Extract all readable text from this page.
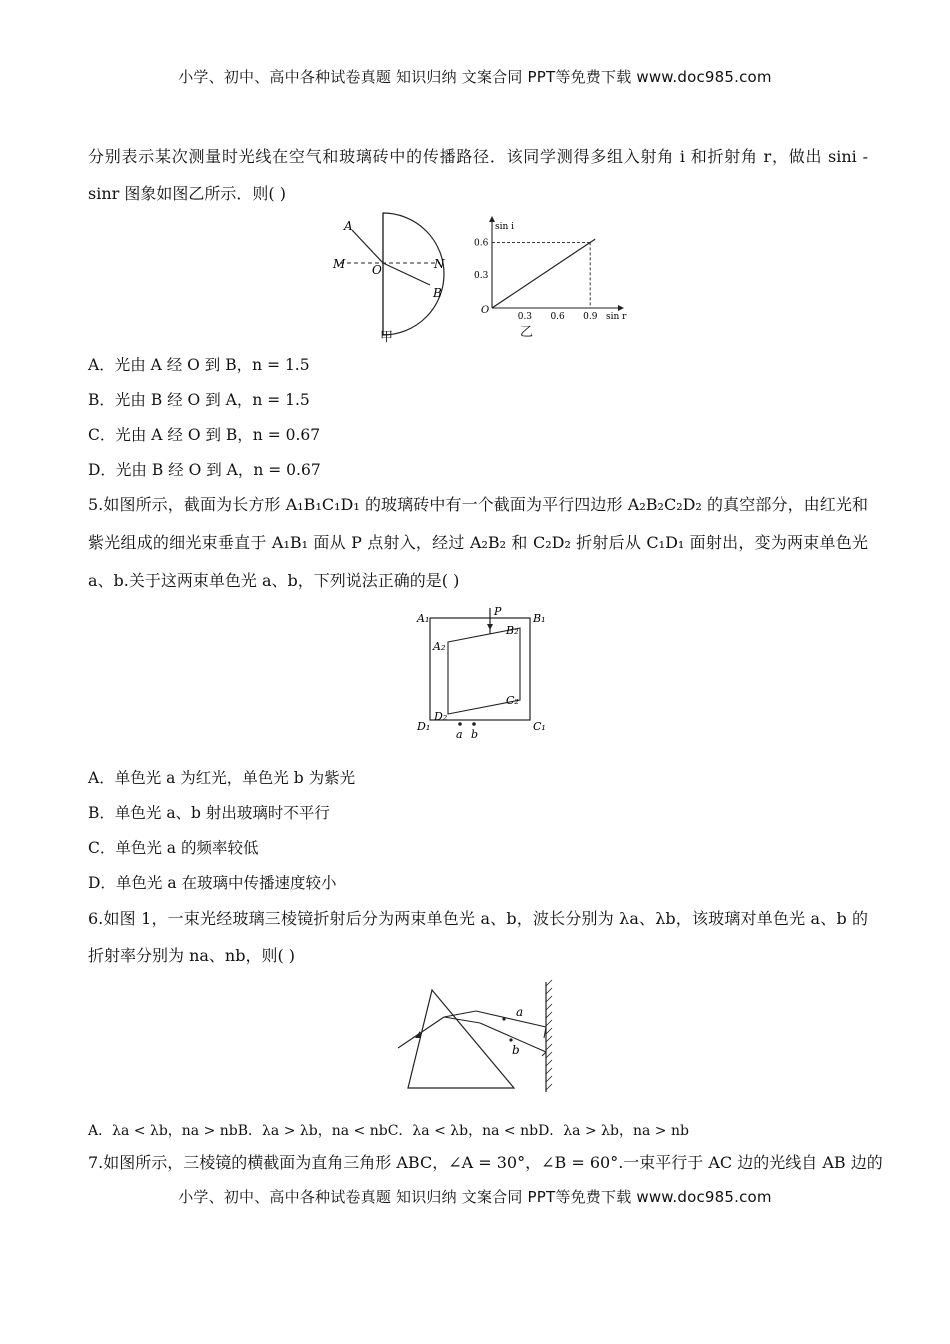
小学、初中、高中各种试卷真题 知识归纳 文案合同 PPT等免费下载 www.doc985.com
分别表示某次测量时光线在空气和玻璃砖中的传播路径．该同学测得多组入射角 i 和折射角 r，做出 sini -
sinr 图象如图乙所示．则( )
A
B
M	N
O
甲
0.3 0.6 0.9
0.3
0.6
O
sin i
sin r
乙
A．光由 A 经 O 到 B，n = 1.5
B．光由 B 经 O 到 A，n = 1.5
C．光由 A 经 O 到 B，n = 0.67
D．光由 B 经 O 到 A，n = 0.67
5.如图所示，截面为长方形 A₁B₁C₁D₁ 的玻璃砖中有一个截面为平行四边形 A₂B₂C₂D₂ 的真空部分，由红光和
紫光组成的细光束垂直于 A₁B₁ 面从 P 点射入，经过 A₂B₂ 和 C₂D₂ 折射后从 C₁D₁ 面射出，变为两束单色光
a、b.关于这两束单色光 a、b，下列说法正确的是( )
A₁	B₁
C₁
D₁
A₂
B₂
C₂
D₂
P
a b
A．单色光 a 为红光，单色光 b 为紫光
B．单色光 a、b 射出玻璃时不平行
C．单色光 a 的频率较低
D．单色光 a 在玻璃中传播速度较小
6.如图 1，一束光经玻璃三棱镜折射后分为两束单色光 a、b，波长分别为 λa、λb，该玻璃对单色光 a、b 的
折射率分别为 na、nb，则( )
a
b
A．λa < λb，na > nbB．λa > λb，na < nbC．λa < λb，na < nbD．λa > λb，na > nb
7.如图所示，三棱镜的横截面为直角三角形 ABC，∠A = 30°，∠B = 60°.一束平行于 AC 边的光线自 AB 边的
小学、初中、高中各种试卷真题 知识归纳 文案合同 PPT等免费下载 www.doc985.com
